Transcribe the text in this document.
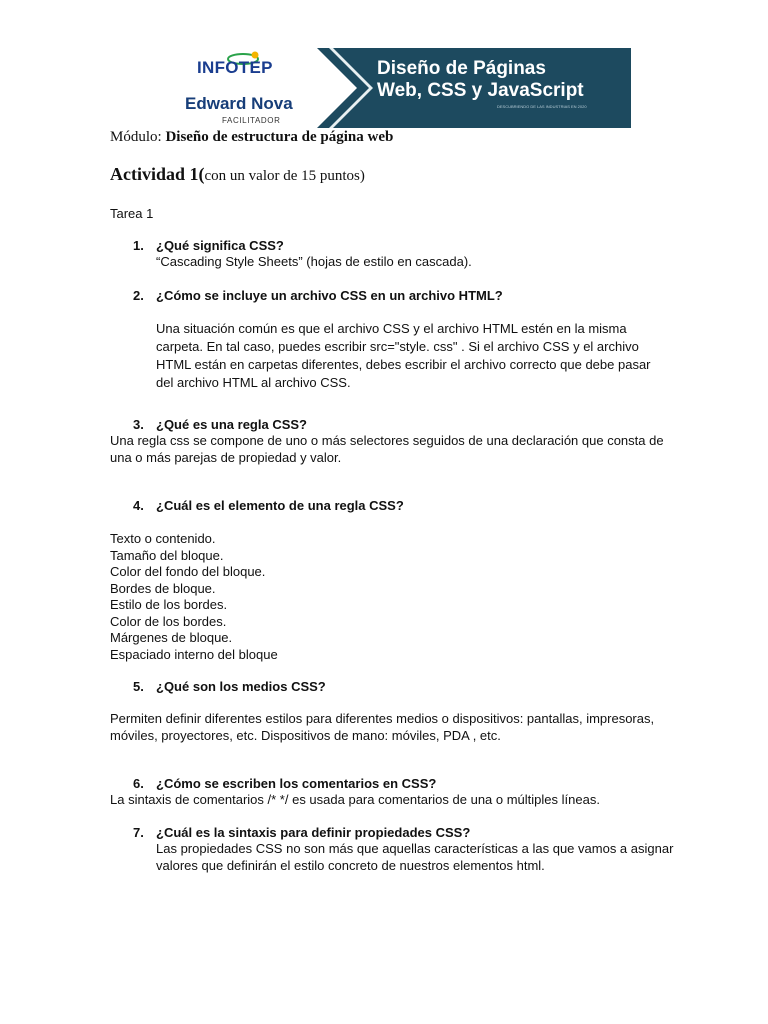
INFOTEP
Edward Nova
FACILITADOR
Diseño de Páginas
Web, CSS y JavaScript
DESCUBRIENDO DE LAS INDUSTRIAS EN 2020
Módulo: Diseño de estructura de página web
Actividad 1(con un valor de 15 puntos)
Tarea 1
1. ¿Qué significa CSS?
“Cascading Style Sheets” (hojas de estilo en cascada).
2. ¿Cómo se incluye un archivo CSS en un archivo HTML?
Una situación común es que el archivo CSS y el archivo HTML estén en la misma
carpeta. En tal caso, puedes escribir src="style. css" . Si el archivo CSS y el archivo
HTML están en carpetas diferentes, debes escribir el archivo correcto que debe pasar
del archivo HTML al archivo CSS.
3. ¿Qué es una regla CSS?
Una regla css se compone de uno o más selectores seguidos de una declaración que consta de
una o más parejas de propiedad y valor.
4. ¿Cuál es el elemento de una regla CSS?
Texto o contenido.
Tamaño del bloque.
Color del fondo del bloque.
Bordes de bloque.
Estilo de los bordes.
Color de los bordes.
Márgenes de bloque.
Espaciado interno del bloque
5. ¿Qué son los medios CSS?
Permiten definir diferentes estilos para diferentes medios o dispositivos: pantallas, impresoras,
móviles, proyectores, etc. Dispositivos de mano: móviles, PDA , etc.
6. ¿Cómo se escriben los comentarios en CSS?
La sintaxis de comentarios /* */ es usada para comentarios de una o múltiples líneas.
7. ¿Cuál es la sintaxis para definir propiedades CSS?
Las propiedades CSS no son más que aquellas características a las que vamos a asignar
valores que definirán el estilo concreto de nuestros elementos html.
